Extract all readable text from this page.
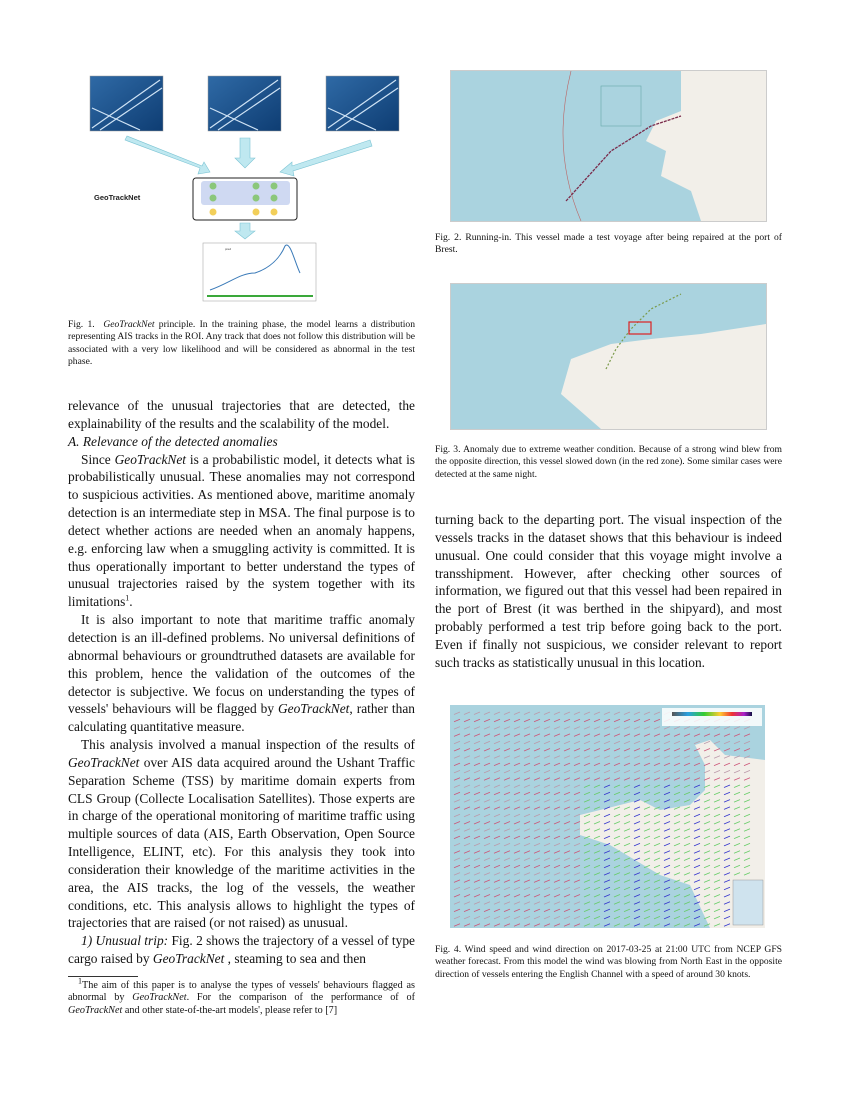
GeoTrackNet
pred
Fig. 1. GeoTrackNet principle. In the training phase, the model learns a distribution representing AIS tracks in the ROI. Any track that does not follow this distribution will be associated with a very low likelihood and will be considered as abnormal in the test phase.

relevance of the unusual trajectories that are detected, the explainability of the results and the scalability of the model.

A. Relevance of the detected anomalies

Since GeoTrackNet is a probabilistic model, it detects what is probabilistically unusual. These anomalies may not correspond to suspicious activities. As mentioned above, maritime anomaly detection is an intermediate step in MSA. The final purpose is to detect whether actions are needed when an anomaly happens, e.g. enforcing law when a smuggling activity is committed. It is thus operationally important to better understand the types of unusual trajectories raised by the system together with its limitations$^1$.

It is also important to note that maritime traffic anomaly detection is an ill-defined problems. No universal definitions of abnormal behaviours or groundtruthed datasets are available for this problem, hence the validation of the outcomes of the detector is subjective. We focus on understanding the types of vessels' behaviours will be flagged by GeoTrackNet, rather than calculating quantitative measure.

This analysis involved a manual inspection of the results of GeoTrackNet over AIS data acquired around the Ushant Traffic Separation Scheme (TSS) by maritime domain experts from CLS Group (Collecte Localisation Satellites). Those experts are in charge of the operational monitoring of maritime traffic using multiple sources of data (AIS, Earth Observation, Open Source Intelligence, ELINT, etc). For this analysis they took into consideration their knowledge of the maritime activities in the area, the AIS tracks, the log of the vessels, the weather conditions, etc. This analysis allows to highlight the types of trajectories that are raised (or not raised) as unusual.

1) Unusual trip: Fig. 2 shows the trajectory of a vessel of type cargo raised by GeoTrackNet , steaming to sea and then

$^1$The aim of this paper is to analyse the types of vessels' behaviours flagged as abnormal by GeoTrackNet. For the comparison of the performance of of GeoTrackNet and other state-of-the-art models', please refer to [7]
Fig. 2. Running-in. This vessel made a test voyage after being repaired at the port of Brest.
Fig. 3. Anomaly due to extreme weather condition. Because of a strong wind blew from the opposite direction, this vessel slowed down (in the red zone). Some similar cases were detected at the same night.

turning back to the departing port. The visual inspection of the vessels tracks in the dataset shows that this behaviour is indeed unusual. One could consider that this voyage might involve a transshipment. However, after checking other sources of information, we figured out that this vessel had been repaired in the port of Brest (it was berthed in the shipyard), and most probably performed a test trip before going back to the port. Even if finally not suspicious, we consider relevant to report such tracks as statistically unusual in this location.

Fig. 4. Wind speed and wind direction on 2017-03-25 at 21:00 UTC from NCEP GFS weather forecast. From this model the wind was blowing from North East in the opposite direction of vessels entering the English Channel with a speed of around 30 knots.
